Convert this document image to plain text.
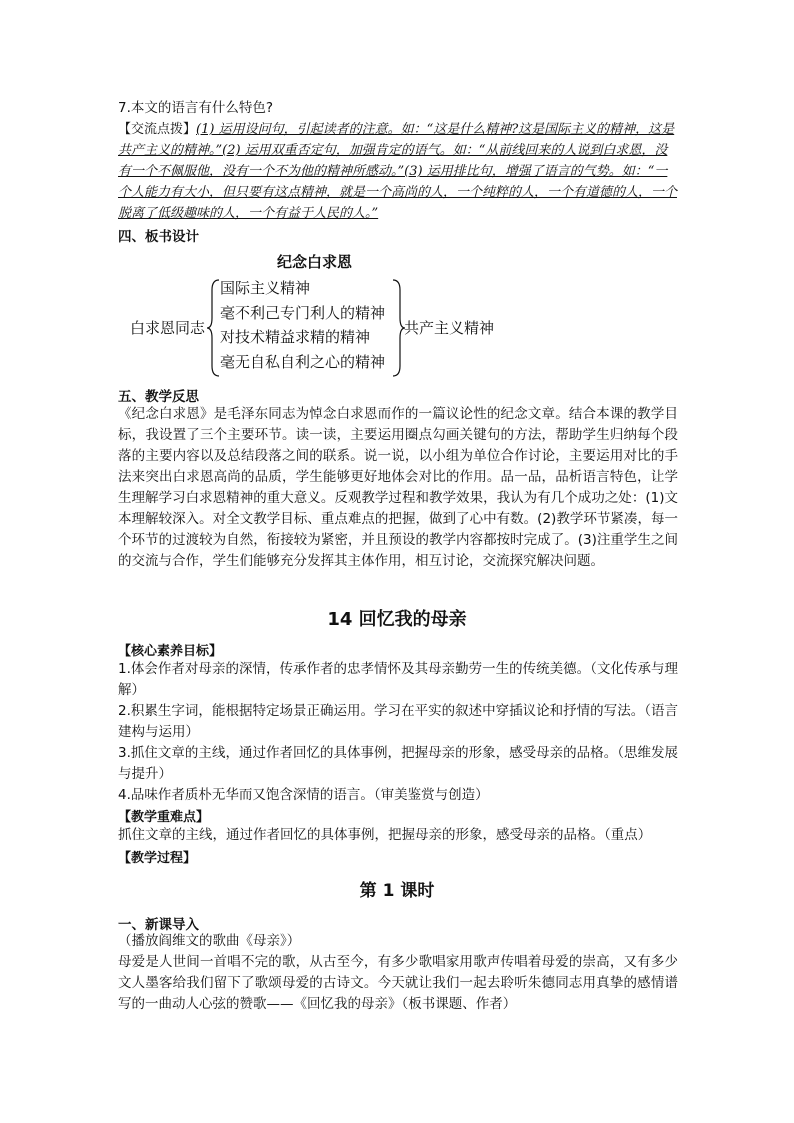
7.本文的语言有什么特色?
【交流点拨】(1) 运用设问句，引起读者的注意。如：“这是什么精神?这是国际主义的精神，这是共产主义的精神。”(2) 运用双重否定句，加强肯定的语气。如：“从前线回来的人说到白求恩，没有一个不佩服他，没有一个不为他的精神所感动。”(3) 运用排比句，增强了语言的气势。如：“一个人能力有大小，但只要有这点精神，就是一个高尚的人，一个纯粹的人，一个有道德的人，一个脱离了低级趣味的人，一个有益于人民的人。”
四、板书设计
纪念白求恩
白求恩同志
国际主义精神
毫不利己专门利人的精神
对技术精益求精的精神
毫无自私自利之心的精神
共产主义精神
五、教学反思
《纪念白求恩》是毛泽东同志为悼念白求恩而作的一篇议论性的纪念文章。结合本课的教学目标，我设置了三个主要环节。读一读，主要运用圈点勾画关键句的方法，帮助学生归纳每个段落的主要内容以及总结段落之间的联系。说一说，以小组为单位合作讨论，主要运用对比的手法来突出白求恩高尚的品质，学生能够更好地体会对比的作用。品一品，品析语言特色，让学生理解学习白求恩精神的重大意义。反观教学过程和教学效果，我认为有几个成功之处：(1)文本理解较深入。对全文教学目标、重点难点的把握，做到了心中有数。(2)教学环节紧凑，每一个环节的过渡较为自然，衔接较为紧密，并且预设的教学内容都按时完成了。(3)注重学生之间的交流与合作，学生们能够充分发挥其主体作用，相互讨论，交流探究解决问题。
14 回忆我的母亲
【核心素养目标】
1.体会作者对母亲的深情，传承作者的忠孝情怀及其母亲勤劳一生的传统美德。（文化传承与理解）
2.积累生字词，能根据特定场景正确运用。学习在平实的叙述中穿插议论和抒情的写法。（语言建构与运用）
3.抓住文章的主线，通过作者回忆的具体事例，把握母亲的形象，感受母亲的品格。（思维发展与提升）
4.品味作者质朴无华而又饱含深情的语言。（审美鉴赏与创造）
【教学重难点】
抓住文章的主线，通过作者回忆的具体事例，把握母亲的形象，感受母亲的品格。（重点）
【教学过程】
第 1 课时
一、新课导入
（播放阎维文的歌曲《母亲》）
母爱是人世间一首唱不完的歌，从古至今，有多少歌唱家用歌声传唱着母爱的崇高，又有多少文人墨客给我们留下了歌颂母爱的古诗文。今天就让我们一起去聆听朱德同志用真挚的感情谱写的一曲动人心弦的赞歌——《回忆我的母亲》（板书课题、作者）
